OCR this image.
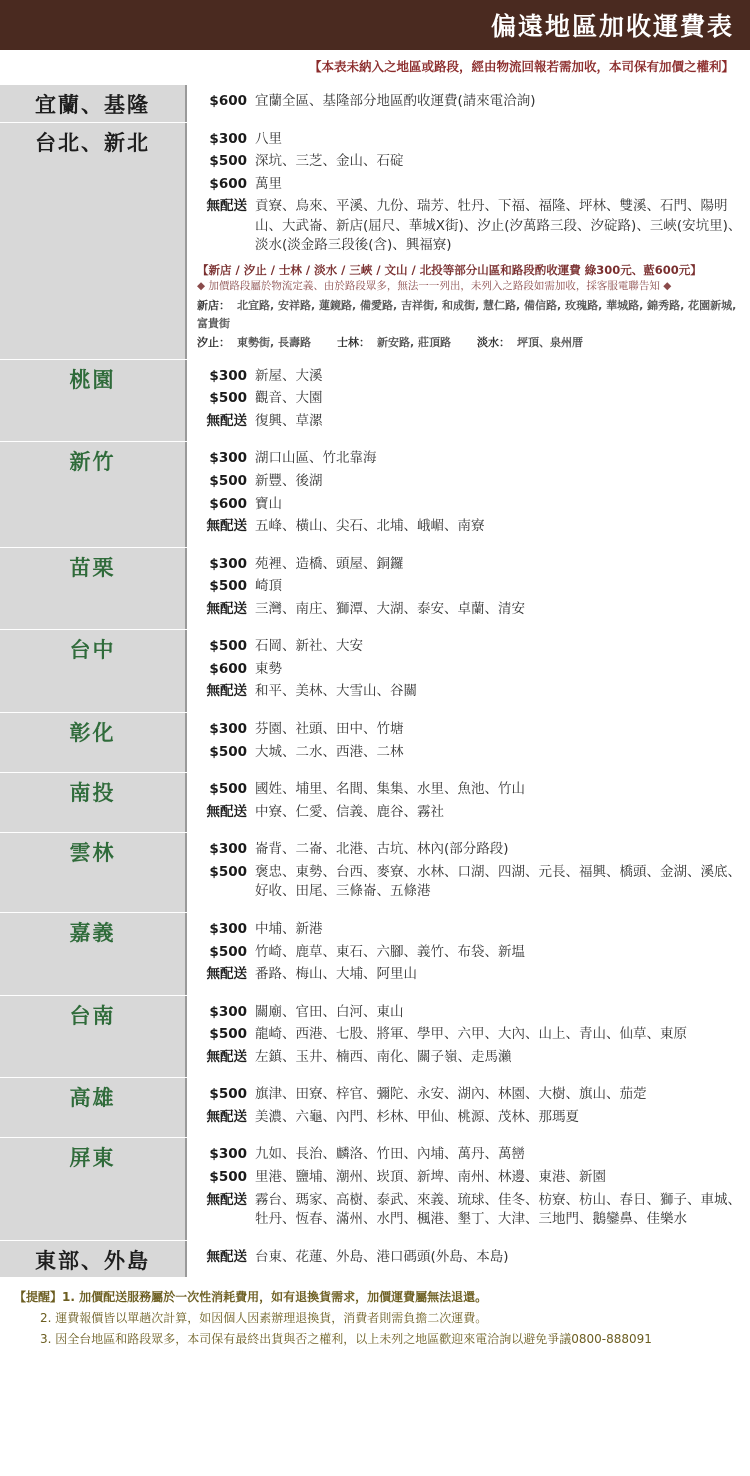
偏遠地區加收運費表
【本表未納入之地區或路段，經由物流回報若需加收，本司保有加價之權利】
宜蘭、基隆	$600 宜蘭全區、基隆部分地區酌收運費(請來電洽詢)
台北、新北	$300 八里
$500 深坑、三芝、金山、石碇
$600 萬里
無配送 貢寮、烏來、平溪、九份、瑞芳、牡丹、下福、福隆、坪林、雙溪、石門、陽明山、大武崙、新店(屈尺、華城X街)、汐止(汐萬路三段、汐碇路)、三峽(安坑里)、淡水(淡金路三段後(含)、興福寮)
【新店 / 汐止 / 士林 / 淡水 / 三峽 / 文山 / 北投等部分山區和路段酌收運費 綠300元、藍600元】
◆ 加價路段屬於物流定義、由於路段眾多，無法一一列出，未列入之路段如需加收，採客服電聯告知 ◆
新店： 北宜路, 安祥路, 蓮鏡路, 備愛路, 吉祥街, 和成街, 慧仁路, 備信路, 玫瑰路, 華城路, 錦秀路, 花園新城, 富貴街
汐止： 東勢街, 長壽路 士林： 新安路, 莊頂路 淡水： 坪頂、泉州厝
桃園	$300 新屋、大溪
$500 觀音、大園
無配送 復興、草漯
新竹	$300 湖口山區、竹北靠海
$500 新豐、後湖
$600 寶山
無配送 五峰、橫山、尖石、北埔、峨嵋、南寮
苗栗	$300 苑裡、造橋、頭屋、銅鑼
$500 崎頂
無配送 三灣、南庄、獅潭、大湖、泰安、卓蘭、清安
台中	$500 石岡、新社、大安
$600 東勢
無配送 和平、美林、大雪山、谷關
彰化	$300 芬園、社頭、田中、竹塘
$500 大城、二水、西港、二林
南投	$500 國姓、埔里、名間、集集、水里、魚池、竹山
無配送 中寮、仁愛、信義、鹿谷、霧社
雲林	$300 崙背、二崙、北港、古坑、林內(部分路段)
$500 褒忠、東勢、台西、麥寮、水林、口湖、四湖、元長、福興、橋頭、金湖、溪底、好收、田尾、三條崙、五條港
嘉義	$300 中埔、新港
$500 竹崎、鹿草、東石、六腳、義竹、布袋、新塭
無配送 番路、梅山、大埔、阿里山
台南	$300 關廟、官田、白河、東山
$500 龍崎、西港、七股、將軍、學甲、六甲、大內、山上、青山、仙草、東原
無配送 左鎮、玉井、楠西、南化、關子嶺、走馬瀨
高雄	$500 旗津、田寮、梓官、彌陀、永安、湖內、林園、大樹、旗山、茄萣
無配送 美濃、六龜、內門、杉林、甲仙、桃源、茂林、那瑪夏
屏東	$300 九如、長治、麟洛、竹田、內埔、萬丹、萬巒
$500 里港、鹽埔、潮州、崁頂、新埤、南州、林邊、東港、新園
無配送 霧台、瑪家、高樹、泰武、來義、琉球、佳冬、枋寮、枋山、春日、獅子、車城、牡丹、恆春、滿州、水門、楓港、墾丁、大津、三地門、鵝鑾鼻、佳樂水
東部、外島	無配送 台東、花蓮、外島、港口碼頭(外島、本島)
【提醒】1. 加價配送服務屬於一次性消耗費用，如有退換貨需求，加價運費屬無法退還。
2. 運費報價皆以單趟次計算，如因個人因素辦理退換貨，消費者則需負擔二次運費。
3. 因全台地區和路段眾多，本司保有最終出貨與否之權利，以上未列之地區歡迎來電洽詢以避免爭議0800-888091
